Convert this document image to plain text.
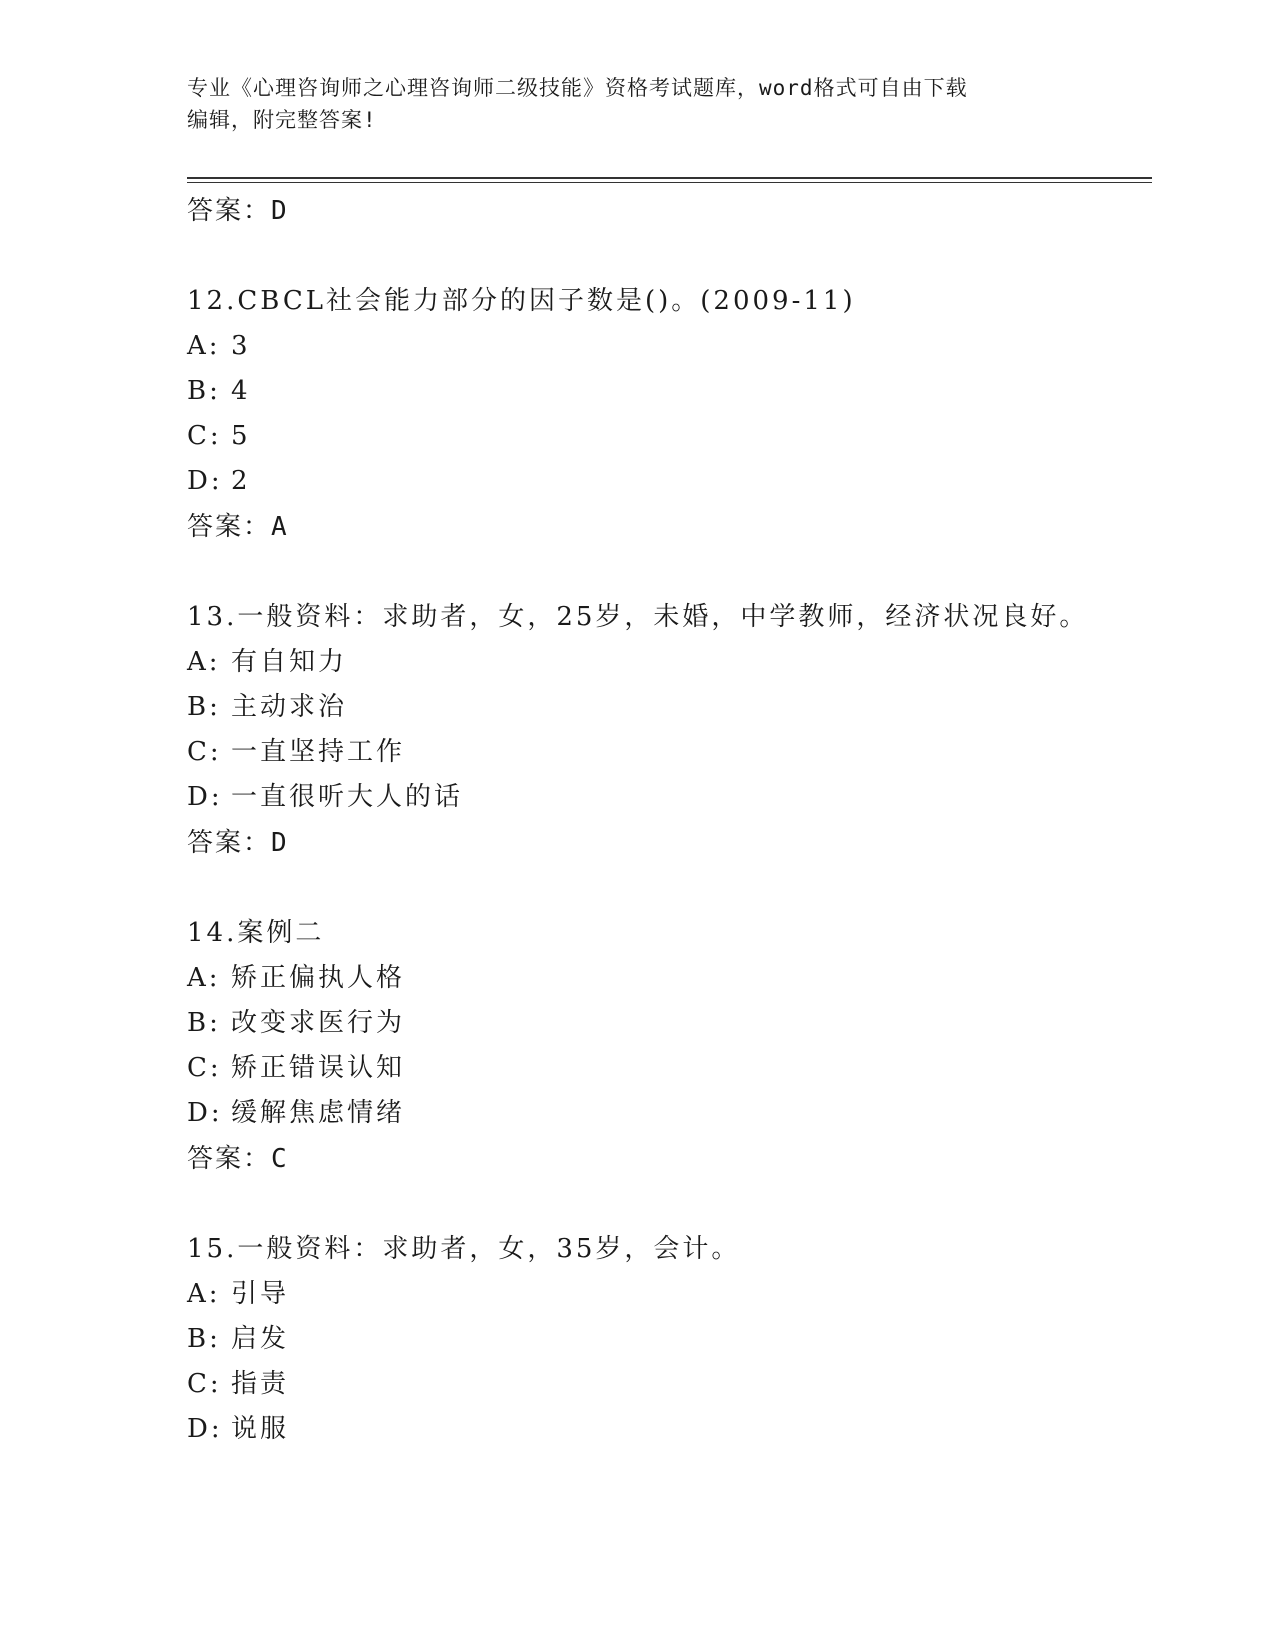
专业《心理咨询师之心理咨询师二级技能》资格考试题库，word格式可自由下载
编辑，附完整答案!
答案：D
12.CBCL社会能力部分的因子数是()。(2009-11)
A: 3
B: 4
C: 5
D: 2
答案：A
13.一般资料：求助者，女，25岁，未婚，中学教师，经济状况良好。
A: 有自知力
B: 主动求治
C: 一直坚持工作
D: 一直很听大人的话
答案：D
14.案例二
A: 矫正偏执人格
B: 改变求医行为
C: 矫正错误认知
D: 缓解焦虑情绪
答案：C
15.一般资料：求助者，女，35岁，会计。
A: 引导
B: 启发
C: 指责
D: 说服
